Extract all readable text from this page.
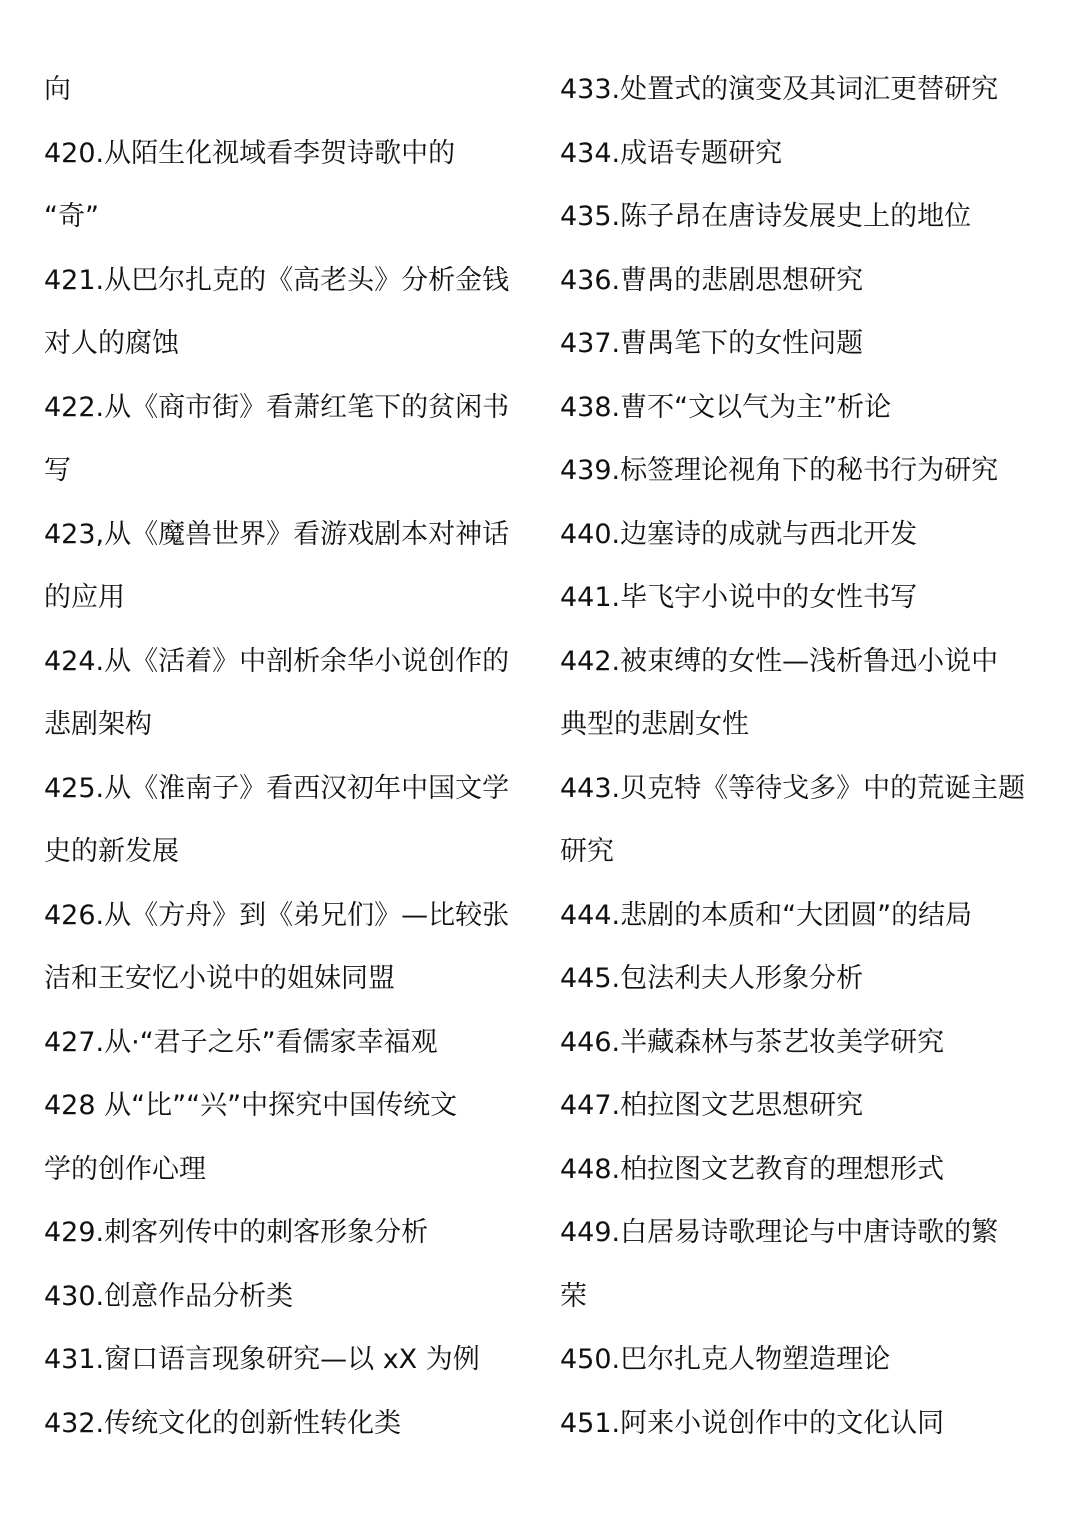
向
420.从陌生化视域看李贺诗歌中的
“奇”
421.从巴尔扎克的《高老头》分析金钱
对人的腐蚀
422.从《商市街》看萧红笔下的贫闲书
写
423,从《魔兽世界》看游戏剧本对神话
的应用
424.从《活着》中剖析余华小说创作的
悲剧架构
425.从《淮南子》看西汉初年中国文学
史的新发展
426.从《方舟》到《弟兄们》—比较张
洁和王安忆小说中的姐妹同盟
427.从·“君子之乐”看儒家幸福观
428 从“比”“兴”中探究中国传统文
学的创作心理
429.刺客列传中的刺客形象分析
430.创意作品分析类
431.窗口语言现象研究—以 xX 为例
432.传统文化的创新性转化类
433.处置式的演变及其词汇更替研究
434.成语专题研究
435.陈子昂在唐诗发展史上的地位
436.曹禺的悲剧思想研究
437.曹禺笔下的女性问题
438.曹不“文以气为主”析论
439.标签理论视角下的秘书行为研究
440.边塞诗的成就与西北开发
441.毕飞宇小说中的女性书写
442.被束缚的女性—浅析鲁迅小说中
典型的悲剧女性
443.贝克特《等待戈多》中的荒诞主题
研究
444.悲剧的本质和“大团圆”的结局
445.包法利夫人形象分析
446.半藏森林与茶艺妆美学研究
447.柏拉图文艺思想研究
448.柏拉图文艺教育的理想形式
449.白居易诗歌理论与中唐诗歌的繁
荣
450.巴尔扎克人物塑造理论
451.阿来小说创作中的文化认同
